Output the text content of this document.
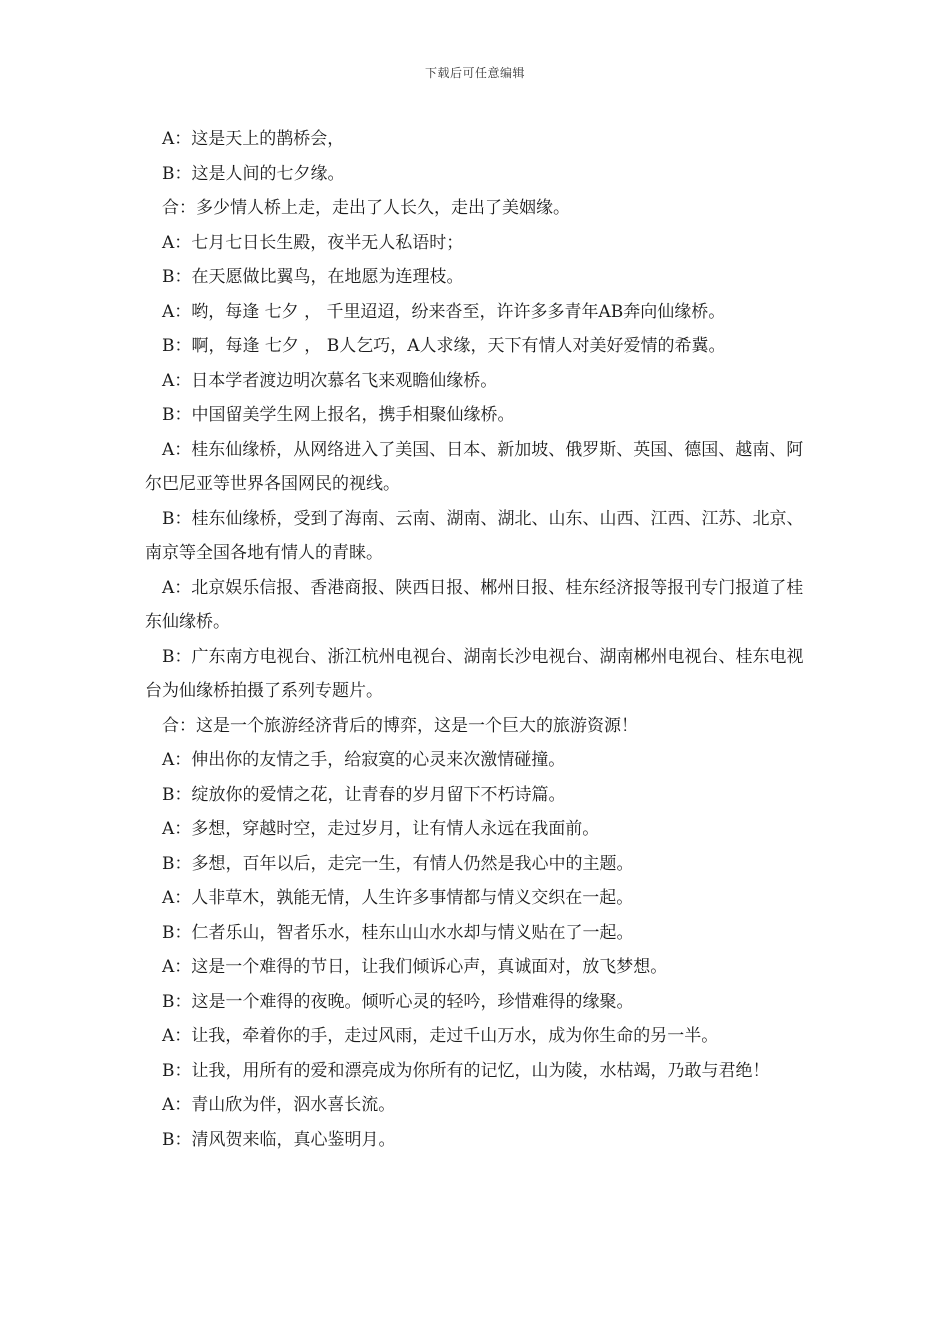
下载后可任意编辑

A：这是天上的鹊桥会，

B：这是人间的七夕缘。

合：多少情人桥上走，走出了人长久，走出了美姻缘。

A：七月七日长生殿，夜半无人私语时；

B：在天愿做比翼鸟，在地愿为连理枝。

A：哟，每逢 七夕 ， 千里迢迢，纷来沓至，许许多多青年AB奔向仙缘桥。

B：啊，每逢 七夕 ， B人乞巧，A人求缘，天下有情人对美好爱情的希冀。

A：日本学者渡边明次慕名飞来观瞻仙缘桥。

B：中国留美学生网上报名，携手相聚仙缘桥。

A：桂东仙缘桥，从网络进入了美国、日本、新加坡、俄罗斯、英国、德国、越南、阿尔巴尼亚等世界各国网民的视线。

B：桂东仙缘桥，受到了海南、云南、湖南、湖北、山东、山西、江西、江苏、北京、南京等全国各地有情人的青睐。

A：北京娱乐信报、香港商报、陕西日报、郴州日报、桂东经济报等报刊专门报道了桂东仙缘桥。

B：广东南方电视台、浙江杭州电视台、湖南长沙电视台、湖南郴州电视台、桂东电视台为仙缘桥拍摄了系列专题片。

合：这是一个旅游经济背后的博弈，这是一个巨大的旅游资源！

A：伸出你的友情之手，给寂寞的心灵来次激情碰撞。

B：绽放你的爱情之花，让青春的岁月留下不朽诗篇。

A：多想，穿越时空，走过岁月，让有情人永远在我面前。

B：多想，百年以后，走完一生，有情人仍然是我心中的主题。

A：人非草木，孰能无情，人生许多事情都与情义交织在一起。

B：仁者乐山，智者乐水，桂东山山水水却与情义贴在了一起。

A：这是一个难得的节日，让我们倾诉心声，真诚面对，放飞梦想。

B：这是一个难得的夜晚。倾听心灵的轻吟，珍惜难得的缘聚。

A：让我，牵着你的手，走过风雨，走过千山万水，成为你生命的另一半。

B：让我，用所有的爱和漂亮成为你所有的记忆，山为陵，水枯竭，乃敢与君绝！

A：青山欣为伴，泅水喜长流。

B：清风贺来临，真心鉴明月。
